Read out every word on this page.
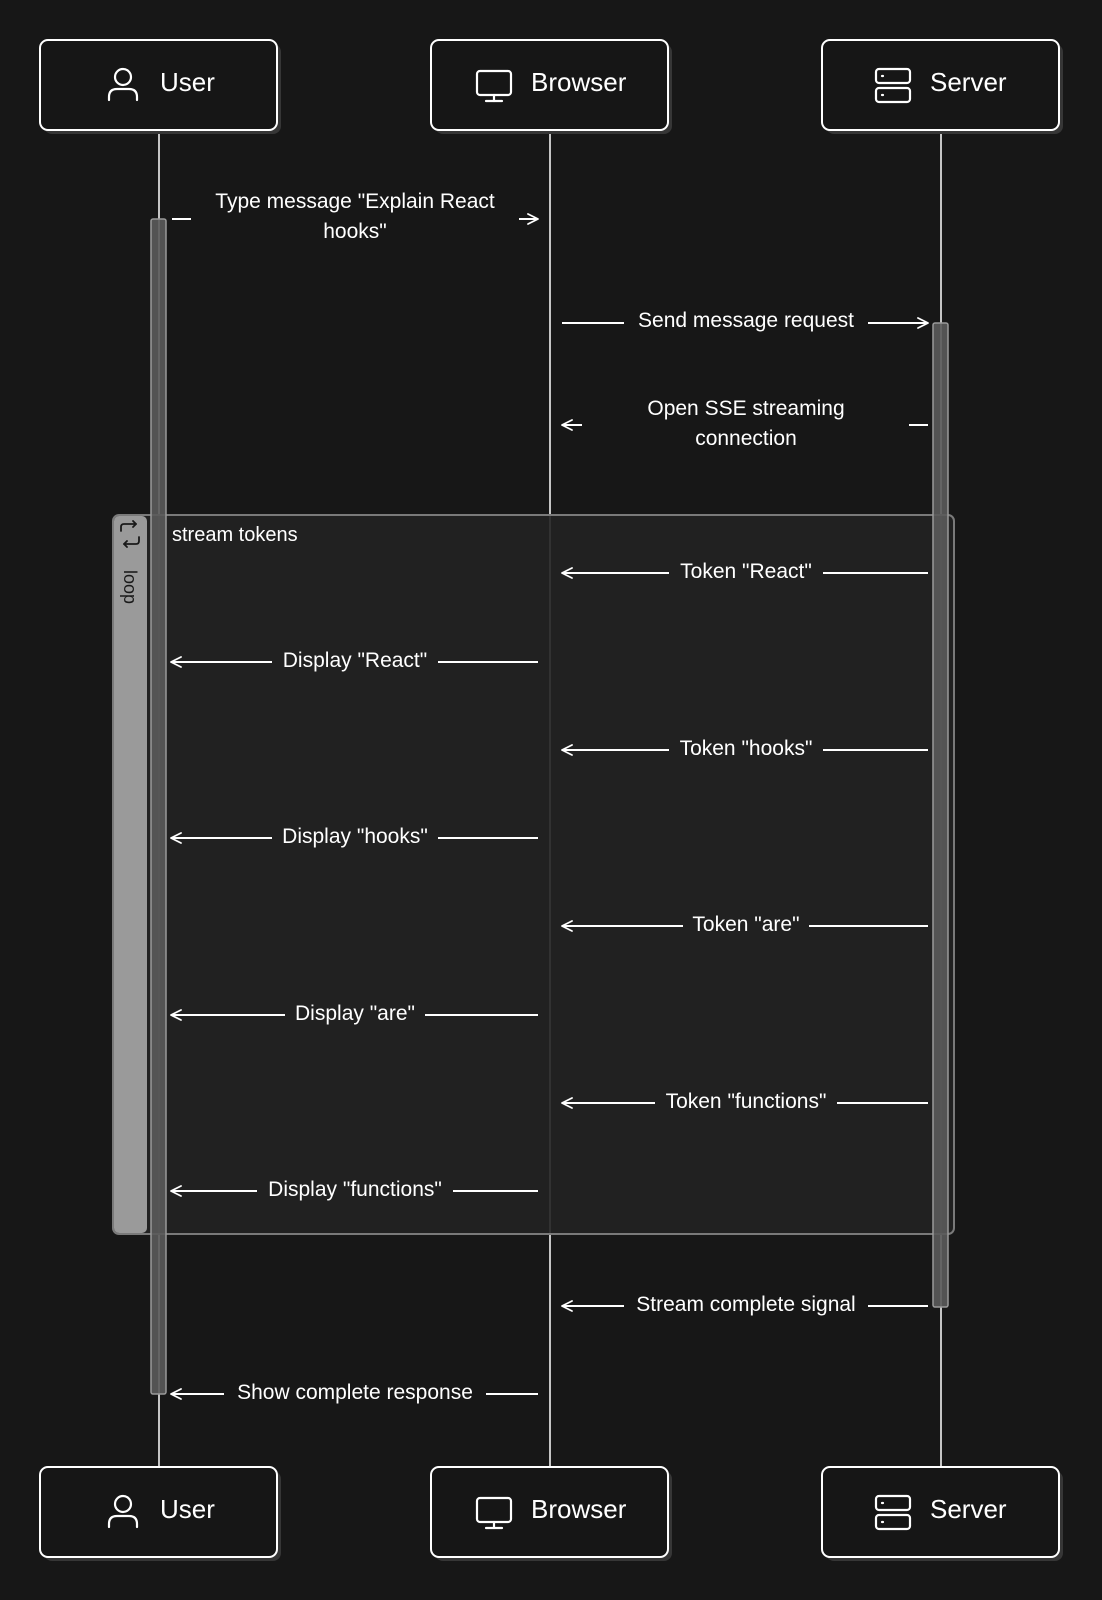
loop
stream tokens
User	Browser	Server
User	Browser	Server
Type message "Explain React
hooks"
Send message request
Open SSE streaming
connection
Token "React"
Display "React"
Token "hooks"
Display "hooks"
Token "are"
Display "are"
Token "functions"
Display "functions"
Stream complete signal
Show complete response
